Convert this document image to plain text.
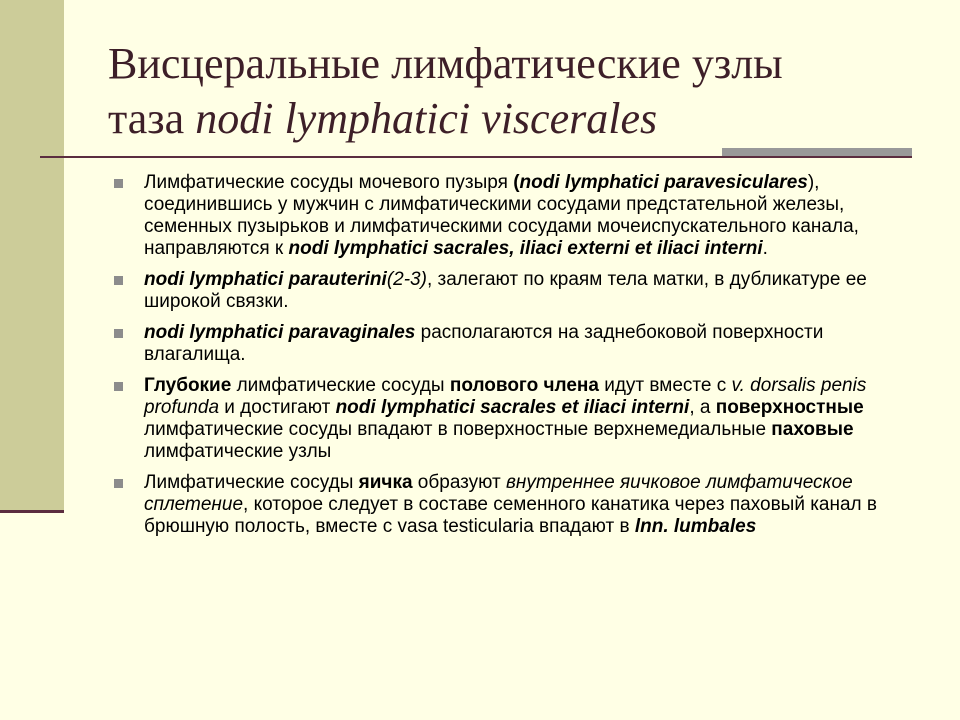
Висцеральные лимфатические узлы
таза nodi lymphatici viscerales
Лимфатические сосуды мочевого пузыря (nodi lymphatici paravesiculares), соединившись у мужчин с лимфатическими сосудами предстательной железы, семенных пузырьков и лимфатическими сосудами мочеиспускательного канала, направляются к nodi lymphatici sacrales, iliaci externi et iliaci interni.
nodi lymphatici parauterini(2-3), залегают по краям тела матки, в дубликатуре ее широкой связки.
nodi lymphatici paravaginales располагаются на заднебоковой поверхности влагалища.
Глубокие лимфатические сосуды полового члена идут вместе с v. dorsalis penis profunda и достигают nodi lymphatici sacrales et iliaci interni, а поверхностные лимфатические сосуды впадают в поверхностные верхнемедиальные паховые лимфатические узлы
Лимфатические сосуды яичка образуют внутреннее яичковое лимфатическое сплетение, которое следует в составе семенного канатика через паховый канал в брюшную полость, вместе с vasa testicularia впадают в lnn. lumbales
